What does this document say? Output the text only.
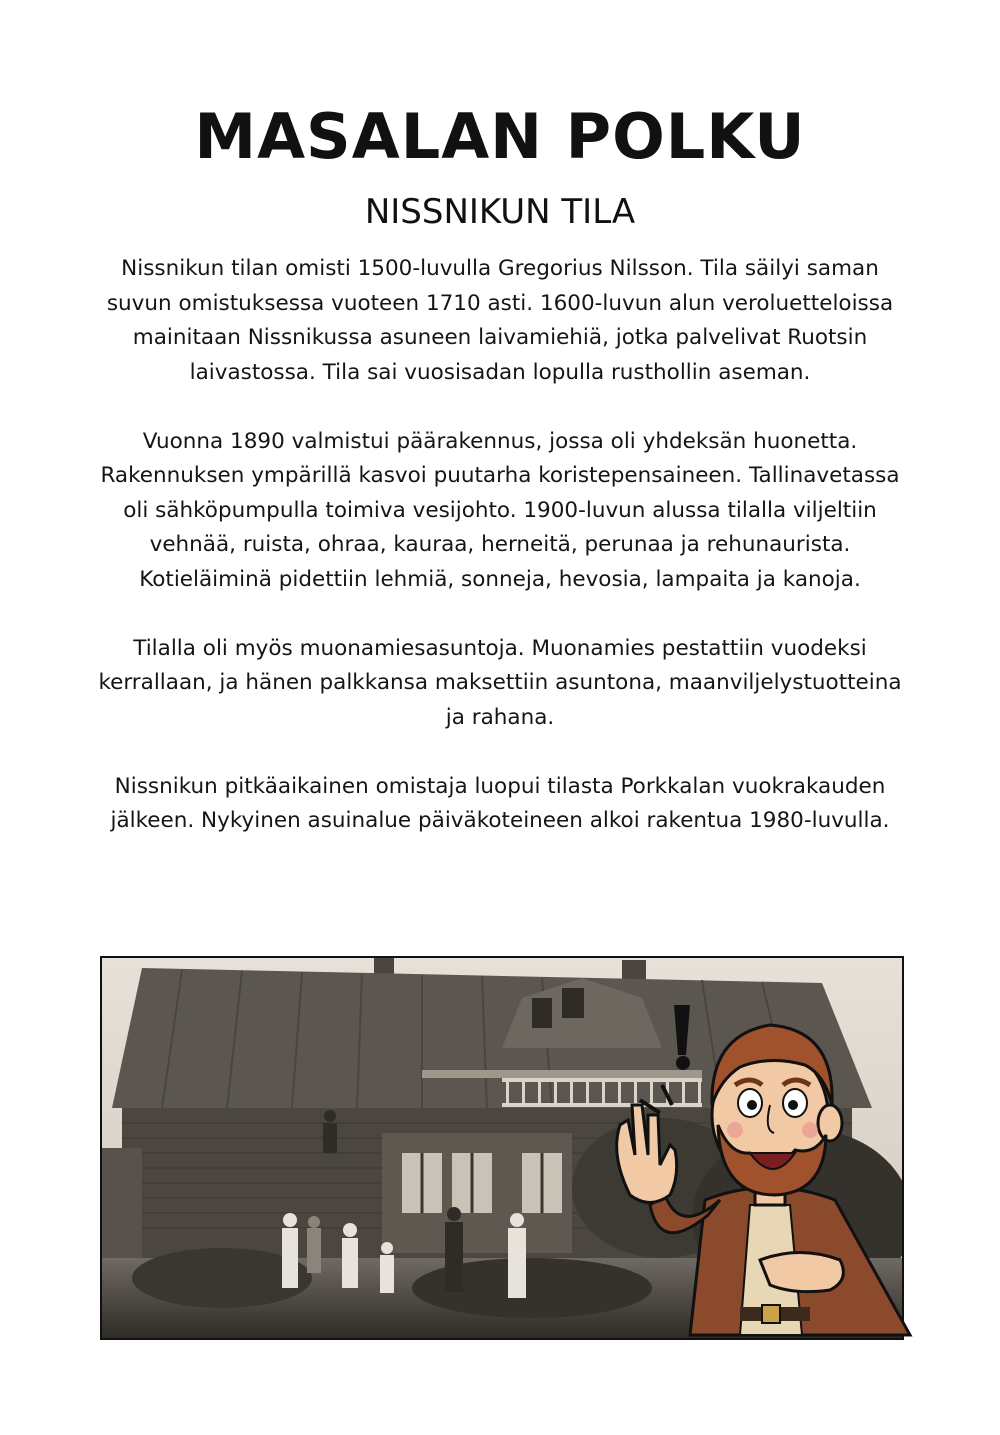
MASALAN POLKU
NISSNIKUN TILA

Nissnikun tilan omisti 1500-luvulla Gregorius Nilsson. Tila säilyi saman suvun omistuksessa vuoteen 1710 asti. 1600-luvun alun veroluetteloissa mainitaan Nissnikussa asuneen laivamiehiä, jotka palvelivat Ruotsin laivastossa. Tila sai vuosisadan lopulla rusthollin aseman.

Vuonna 1890 valmistui päärakennus, jossa oli yhdeksän huonetta. Rakennuksen ympärillä kasvoi puutarha koristepensaineen. Tallinavetassa oli sähköpumpulla toimiva vesijohto. 1900-luvun alussa tilalla viljeltiin vehnää, ruista, ohraa, kauraa, herneitä, perunaa ja rehunaurista. Kotieläiminä pidettiin lehmiä, sonneja, hevosia, lampaita ja kanoja.

Tilalla oli myös muonamiesasuntoja. Muonamies pestattiin vuodeksi kerrallaan, ja hänen palkkansa maksettiin asuntona, maanviljelystuotteina ja rahana.

Nissnikun pitkäaikainen omistaja luopui tilasta Porkkalan vuokrakauden jälkeen. Nykyinen asuinalue päiväkoteineen alkoi rakentua 1980-luvulla.
